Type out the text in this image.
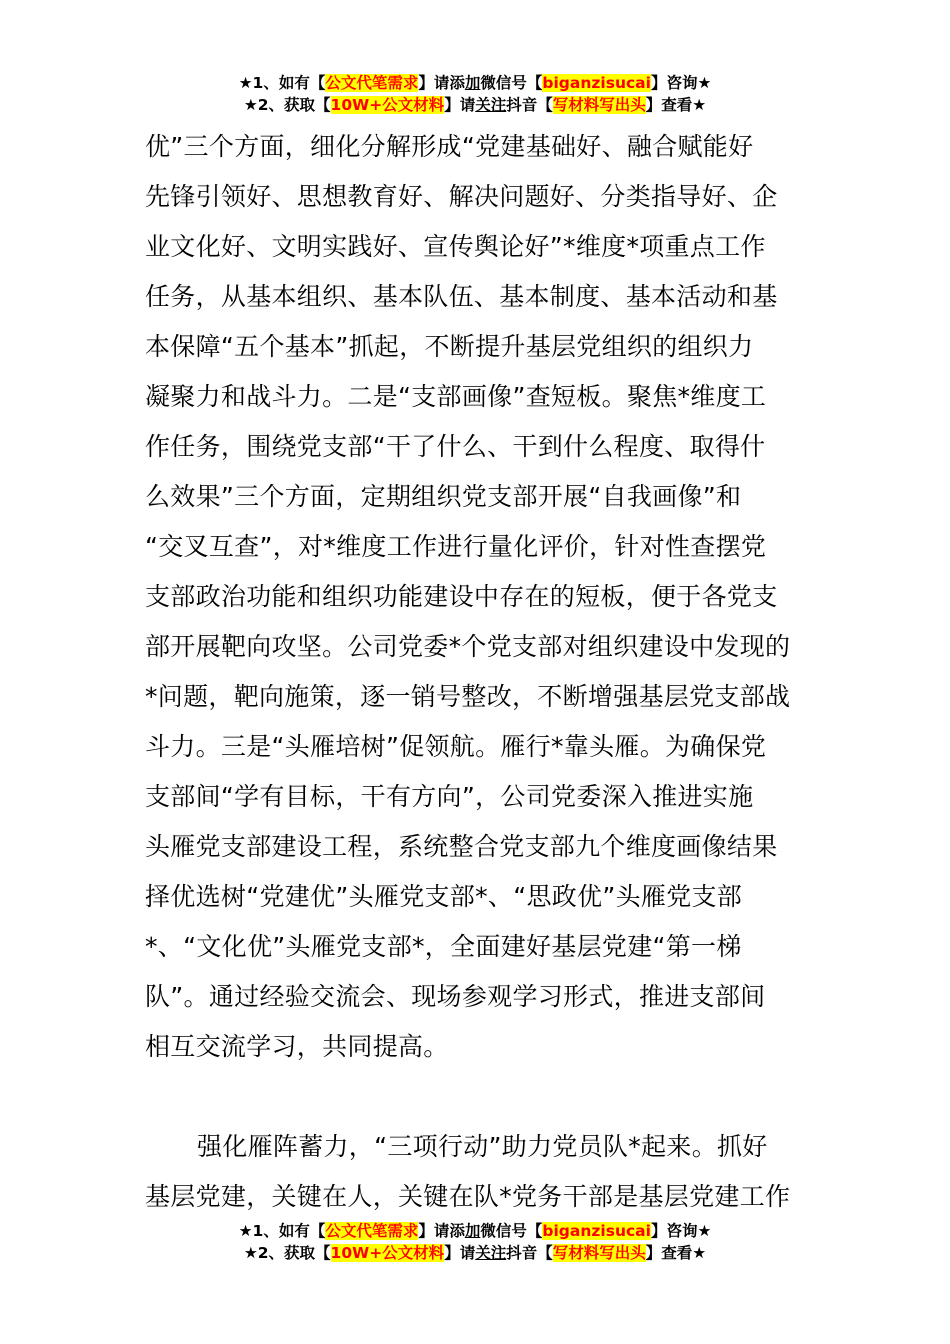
★1、如有【公文代笔需求】请添加微信号【biganzisucai】咨询★
★2、获取【10W+公文材料】请关注抖音【写材料写出头】查看★
优”三个方面，细化分解形成“党建基础好、融合赋能好
先锋引领好、思想教育好、解决问题好、分类指导好、企
业文化好、文明实践好、宣传舆论好”*维度*项重点工作
任务，从基本组织、基本队伍、基本制度、基本活动和基
本保障“五个基本”抓起，不断提升基层党组织的组织力
凝聚力和战斗力。二是“支部画像”查短板。聚焦*维度工
作任务，围绕党支部“干了什么、干到什么程度、取得什
么效果”三个方面，定期组织党支部开展“自我画像”和
“交叉互查”，对*维度工作进行量化评价，针对性查摆党
支部政治功能和组织功能建设中存在的短板，便于各党支
部开展靶向攻坚。公司党委*个党支部对组织建设中发现的
*问题，靶向施策，逐一销号整改，不断增强基层党支部战
斗力。三是“头雁培树”促领航。雁行*靠头雁。为确保党
支部间“学有目标，干有方向”，公司党委深入推进实施
头雁党支部建设工程，系统整合党支部九个维度画像结果
择优选树“党建优”头雁党支部*、“思政优”头雁党支部
*、“文化优”头雁党支部*，全面建好基层党建“第一梯
队”。通过经验交流会、现场参观学习形式，推进支部间
相互交流学习，共同提高。
强化雁阵蓄力，“三项行动”助力党员队*起来。抓好
基层党建，关键在人，关键在队*党务干部是基层党建工作
★1、如有【公文代笔需求】请添加微信号【biganzisucai】咨询★
★2、获取【10W+公文材料】请关注抖音【写材料写出头】查看★
